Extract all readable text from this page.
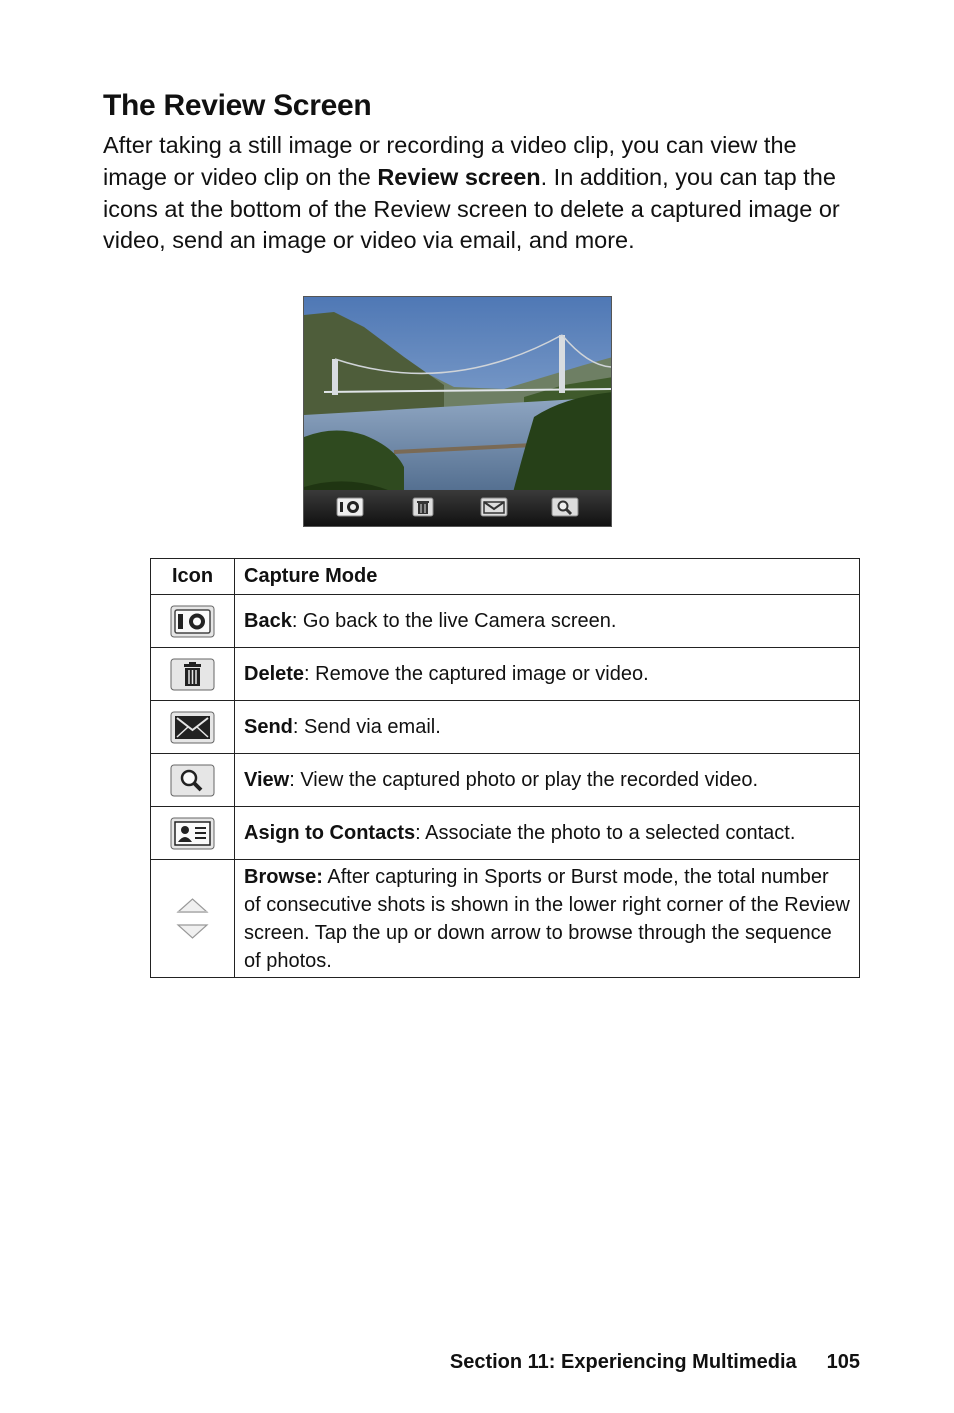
The Review Screen

After taking a still image or recording a video clip, you can view the image or video clip on the Review screen. In addition, you can tap the icons at the bottom of the Review screen to delete a captured image or video, send an image or video via email, and more.

Icon	Capture Mode
	Back: Go back to the live Camera screen.
	Delete: Remove the captured image or video.
	Send: Send via email.
	View: View the captured photo or play the recorded video.
	Asign to Contacts: Associate the photo to a selected contact.
	Browse: After capturing in Sports or Burst mode, the total number of consecutive shots is shown in the lower right corner of the Review screen. Tap the up or down arrow to browse through the sequence of photos.
Section 11: Experiencing Multimedia 105
